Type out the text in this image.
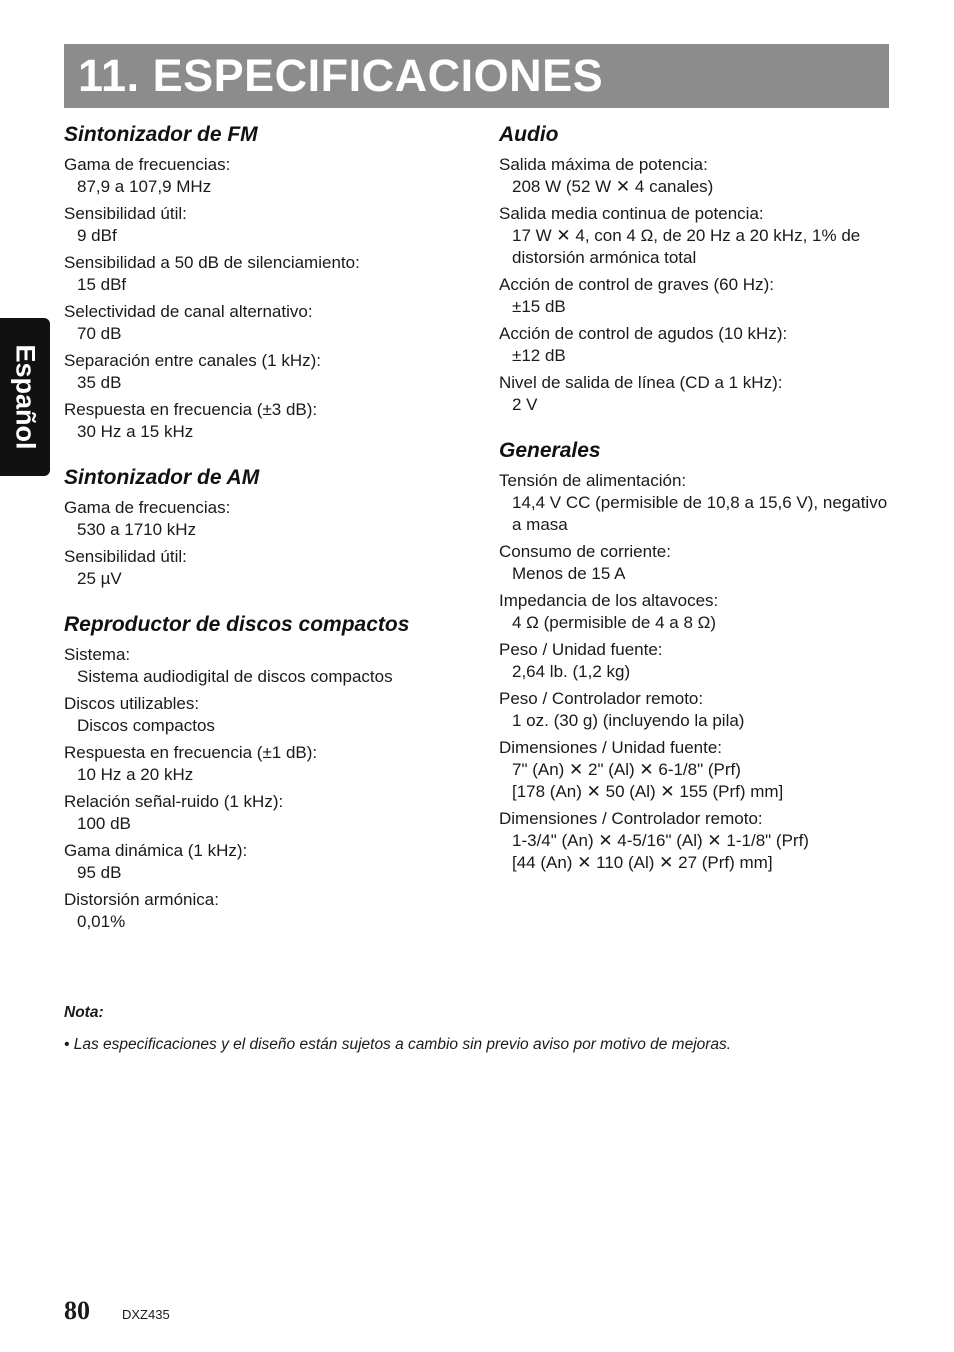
11. ESPECIFICACIONES
Español
Sintonizador de FM
Gama de frecuencias:
87,9 a 107,9 MHz
Sensibilidad útil:
9 dBf
Sensibilidad a 50 dB de silenciamiento:
15 dBf
Selectividad de canal alternativo:
70 dB
Separación entre canales (1 kHz):
35 dB
Respuesta en frecuencia (±3 dB):
30 Hz a 15 kHz
Sintonizador de AM
Gama de frecuencias:
530 a 1710 kHz
Sensibilidad útil:
25 µV
Reproductor de discos compactos
Sistema:
Sistema audiodigital de discos compactos
Discos utilizables:
Discos compactos
Respuesta en frecuencia (±1 dB):
10 Hz a 20 kHz
Relación señal-ruido (1 kHz):
100 dB
Gama dinámica (1 kHz):
95 dB
Distorsión armónica:
0,01%
Audio
Salida máxima de potencia:
208 W (52 W ✕ 4 canales)
Salida media continua de potencia:
17 W ✕ 4, con 4 Ω, de 20 Hz a 20 kHz, 1% de distorsión armónica total
Acción de control de graves (60 Hz):
±15 dB
Acción de control de agudos (10 kHz):
±12 dB
Nivel de salida de línea (CD a 1 kHz):
2 V
Generales
Tensión de alimentación:
14,4 V CC (permisible de 10,8 a 15,6 V), negativo a masa
Consumo de corriente:
Menos de 15 A
Impedancia de los altavoces:
4 Ω (permisible de 4 a 8 Ω)
Peso / Unidad fuente:
2,64 lb. (1,2 kg)
Peso / Controlador remoto:
1 oz. (30 g) (incluyendo la pila)
Dimensiones / Unidad fuente:
7" (An) ✕ 2" (Al) ✕ 6-1/8" (Prf)
[178 (An) ✕ 50 (Al) ✕ 155 (Prf) mm]
Dimensiones / Controlador remoto:
1-3/4" (An) ✕ 4-5/16" (Al) ✕ 1-1/8" (Prf)
[44 (An) ✕ 110 (Al) ✕ 27 (Prf) mm]
Nota:
• Las especificaciones y el diseño están sujetos a cambio sin previo aviso por motivo de mejoras.
80 DXZ435
